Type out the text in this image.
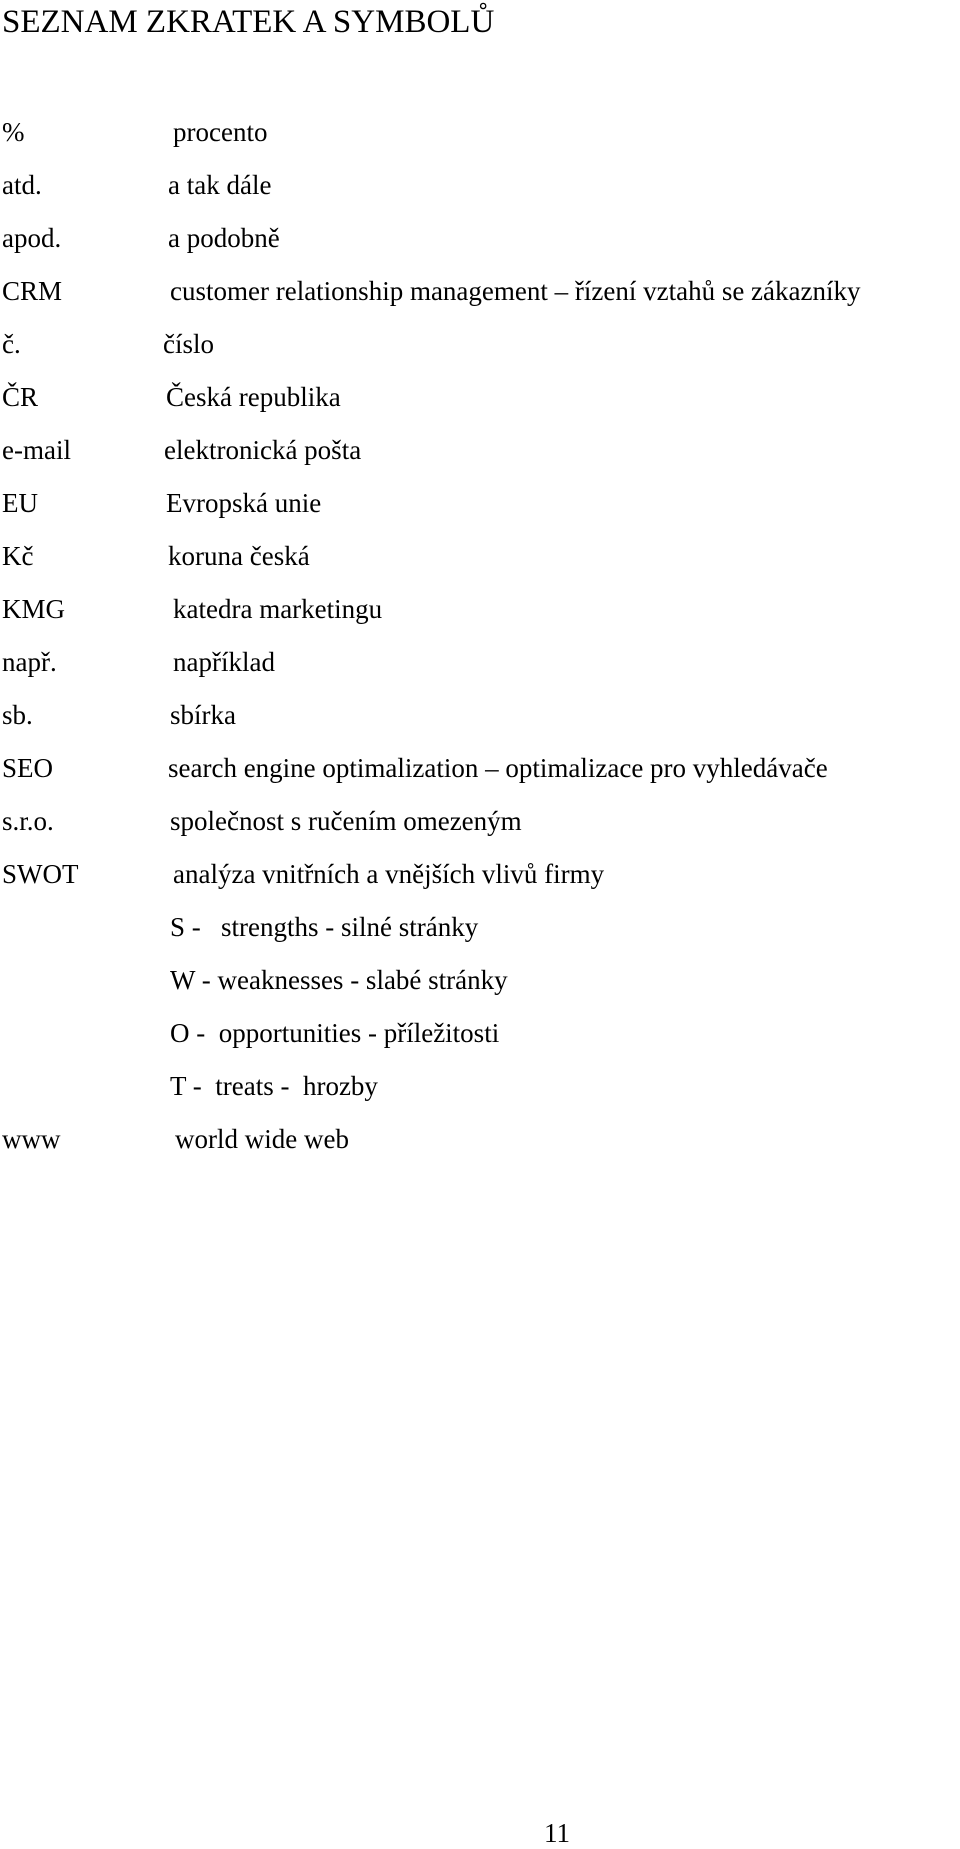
SEZNAM ZKRATEK A SYMBOLŮ
%	procento
atd.	a tak dále
apod.	a podobně
CRM	customer relationship management – řízení vztahů se zákazníky
č.	číslo
ČR	Česká republika
e-mail	elektronická pošta
EU	Evropská unie
Kč	koruna česká
KMG	katedra marketingu
např.	například
sb.	sbírka
SEO	search engine optimalization – optimalizace pro vyhledávače
s.r.o.	společnost s ručením omezeným
SWOT	analýza vnitřních a vnějších vlivů firmy
S -   strengths - silné stránky
W - weaknesses - slabé stránky
O -  opportunities - příležitosti
T -  treats -  hrozby
www	world wide web
11
